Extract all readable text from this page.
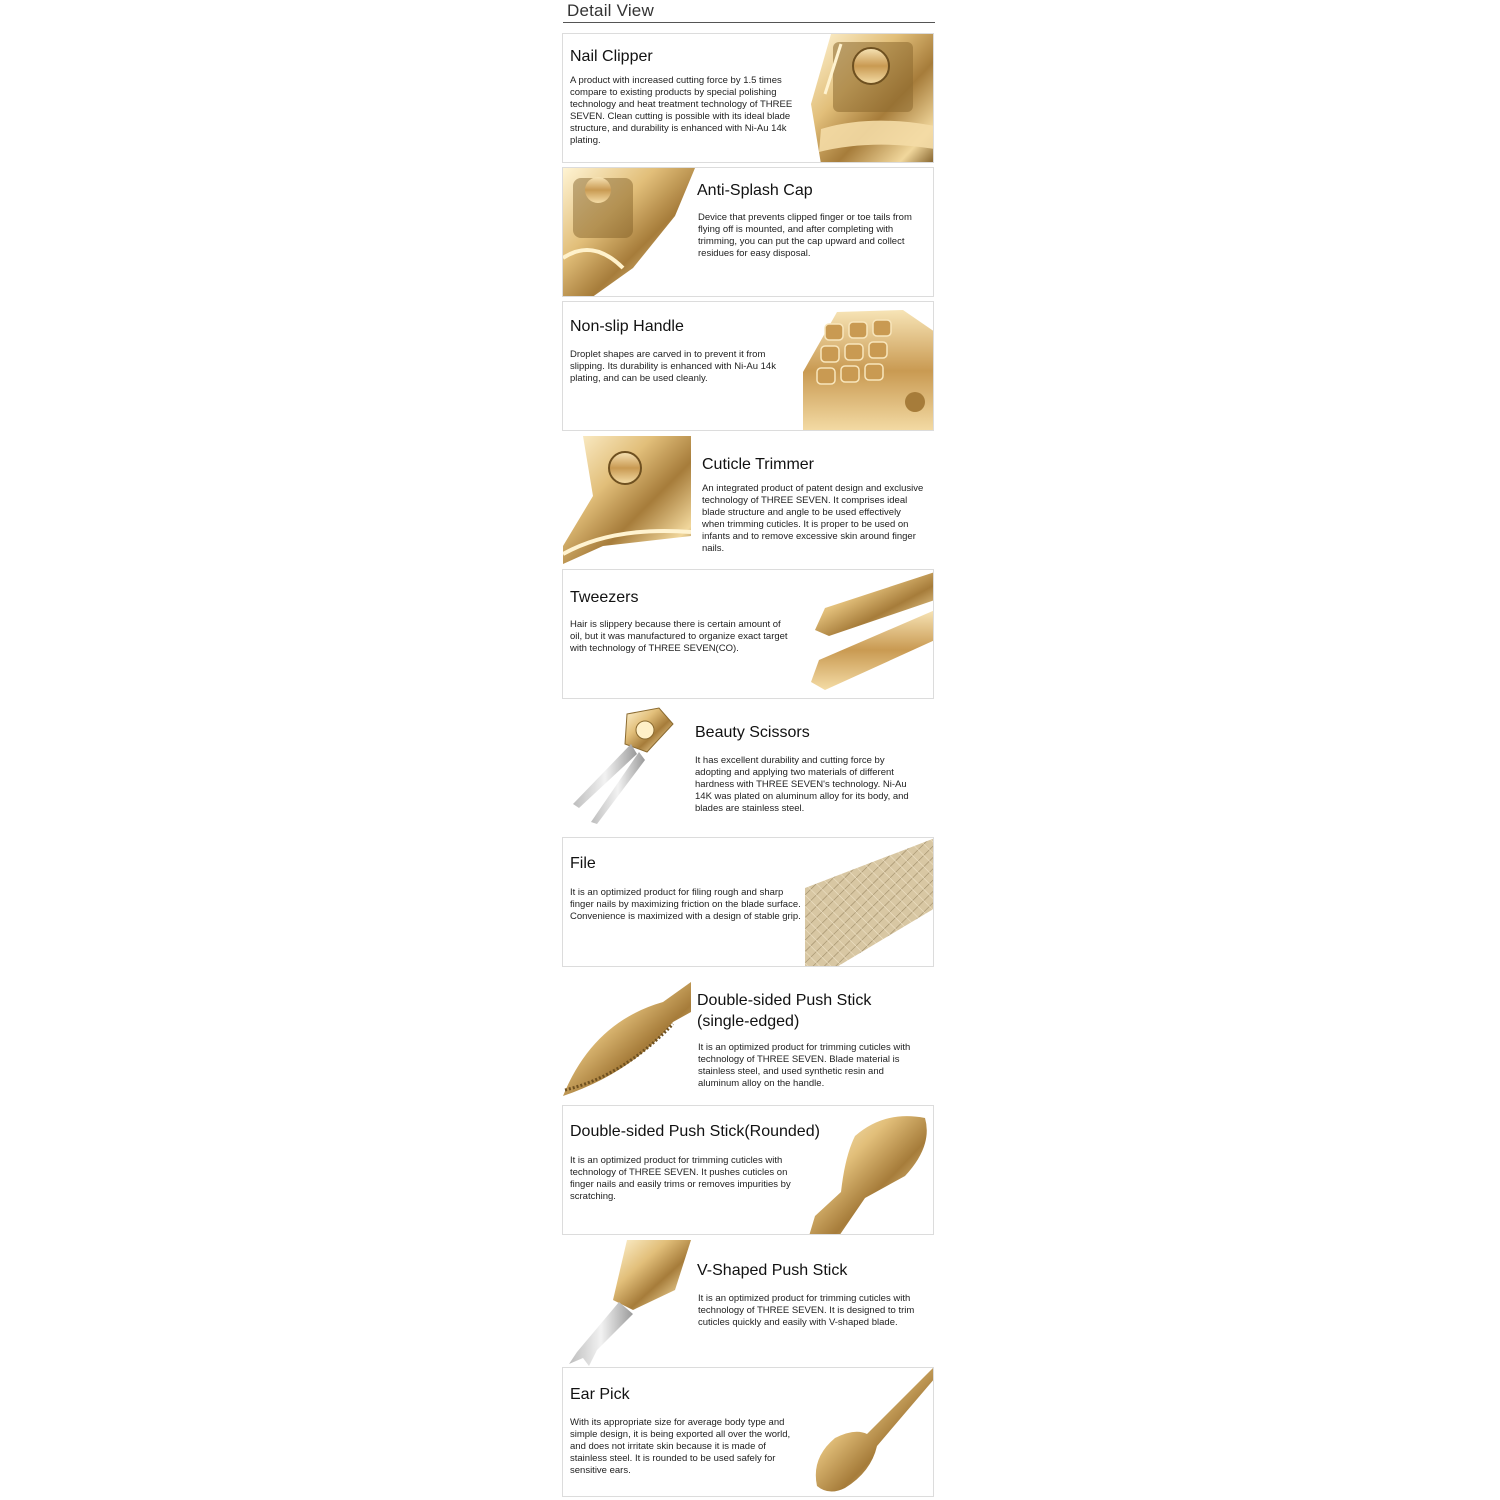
Detail View
Nail Clipper
A product with increased cutting force by 1.5 times compare to existing products by special polishing technology and heat treatment technology of THREE SEVEN. Clean cutting is possible with its ideal blade structure, and durability is enhanced with Ni-Au 14k plating.
Anti-Splash Cap
Device that prevents clipped finger or toe tails from flying off is mounted, and after completing with trimming, you can put the cap upward and collect residues for easy disposal.
Non-slip Handle
Droplet shapes are carved in to prevent it from slipping. Its durability is enhanced with Ni-Au 14k plating, and can be used cleanly.
Cuticle Trimmer
An integrated product of patent design and exclusive technology of THREE SEVEN. It comprises ideal blade structure and angle to be used effectively when trimming cuticles. It is proper to be used on infants and to remove excessive skin around finger nails.
Tweezers
Hair is slippery because there is certain amount of oil, but it was manufactured to organize exact target with technology of THREE SEVEN(CO).
Beauty Scissors
It has excellent durability and cutting force by adopting and applying two materials of different hardness with THREE SEVEN's technology. Ni-Au 14K was plated on aluminum alloy for its body, and blades are stainless steel.
File
It is an optimized product for filing rough and sharp finger nails by maximizing friction on the blade surface. Convenience is maximized with a design of stable grip.
Double-sided Push Stick
(single-edged)
It is an optimized product for trimming cuticles with technology of THREE SEVEN. Blade material is stainless steel, and used synthetic resin and aluminum alloy on the handle.
Double-sided Push Stick(Rounded)
It is an optimized product for trimming cuticles with technology of THREE SEVEN. It pushes cuticles on finger nails and easily trims or removes impurities by scratching.
V-Shaped Push Stick
It is an optimized product for trimming cuticles with technology of THREE SEVEN. It is designed to trim cuticles quickly and easily with V-shaped blade.
Ear Pick
With its appropriate size for average body type and simple design, it is being exported all over the world, and does not irritate skin because it is made of stainless steel. It is rounded to be used safely for sensitive ears.
